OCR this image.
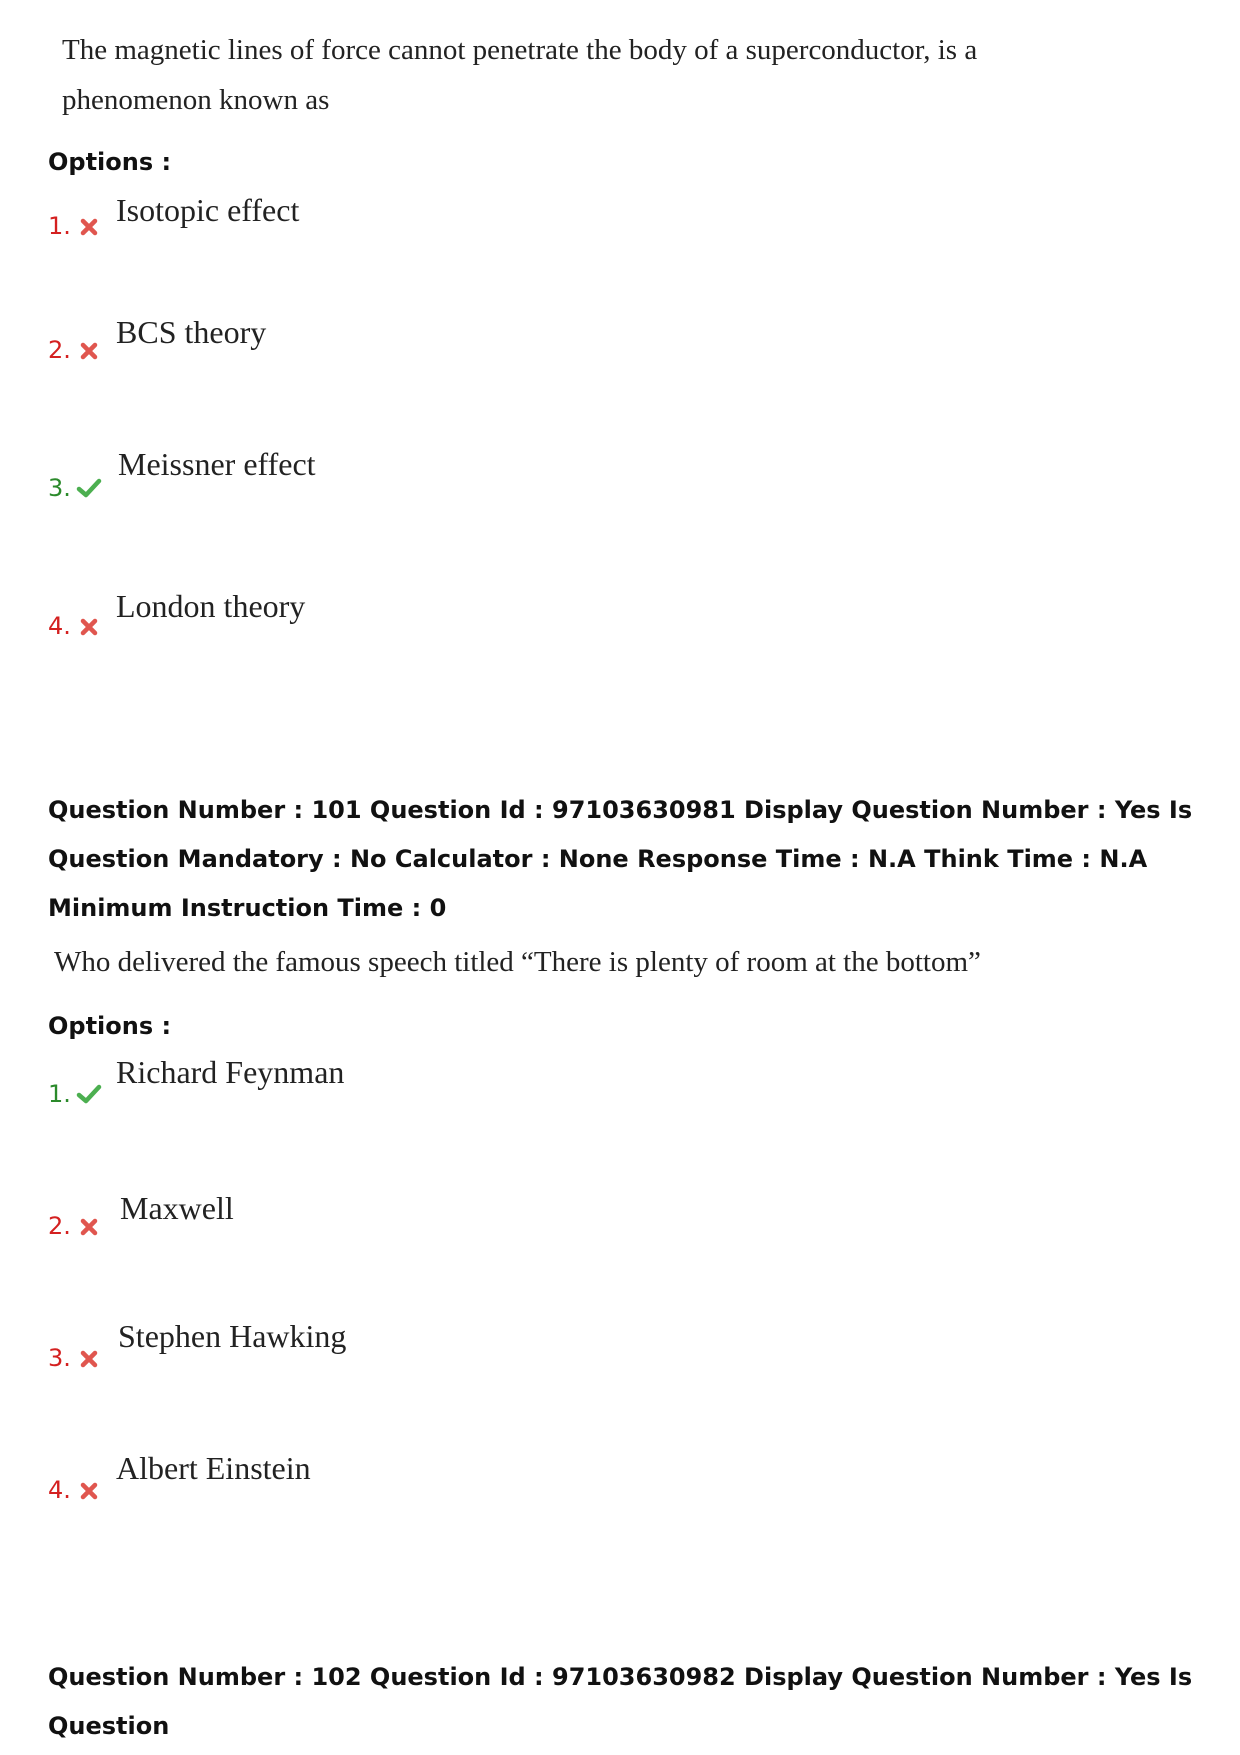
The magnetic lines of force cannot penetrate the body of a superconductor, is a
phenomenon known as
Options :
1. Isotopic effect
2. BCS theory
3.
Meissner effect
4.
London theory
Question Number : 101 Question Id : 97103630981 Display Question Number : Yes Is Question Mandatory : No Calculator : None Response Time : N.A Think Time : N.A Minimum Instruction Time : 0
Who delivered the famous speech titled “There is plenty of room at the bottom”
Options :
1.
Richard Feynman
2. Maxwell
3.
Stephen Hawking
4.
Albert Einstein
Question Number : 102 Question Id : 97103630982 Display Question Number : Yes Is Question
